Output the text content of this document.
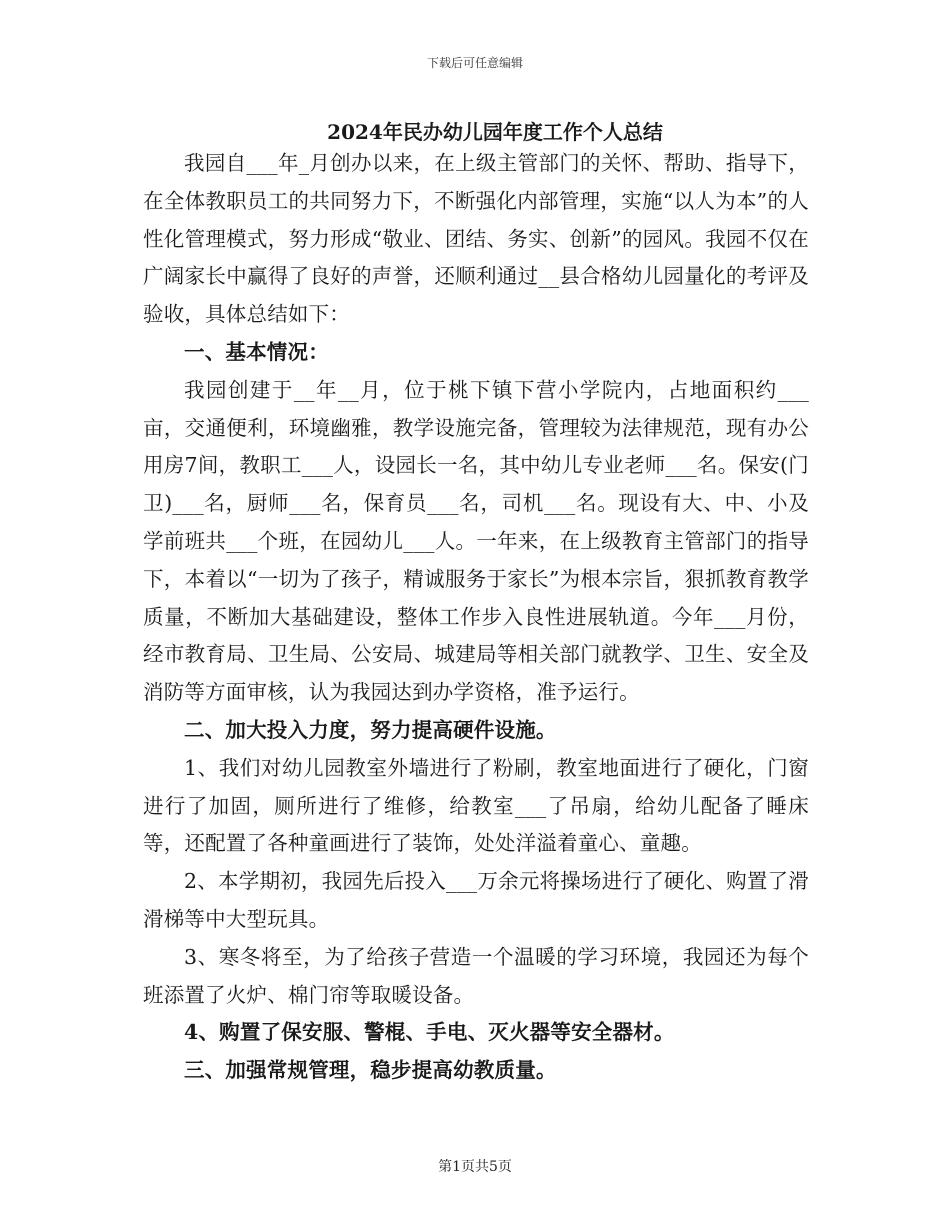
下载后可任意编辑
2024年民办幼儿园年度工作个人总结

我园自___年_月创办以来，在上级主管部门的关怀、帮助、指导下，在全体教职员工的共同努力下，不断强化内部管理，实施“以人为本”的人性化管理模式，努力形成“敬业、团结、务实、创新”的园风。我园不仅在广阔家长中赢得了良好的声誉，还顺利通过__县合格幼儿园量化的考评及验收，具体总结如下：

一、基本情况：

我园创建于__年__月，位于桃下镇下营小学院内，占地面积约___亩，交通便利，环境幽雅，教学设施完备，管理较为法律规范，现有办公用房7间，教职工___人，设园长一名，其中幼儿专业老师___名。保安(门卫)___名，厨师___名，保育员___名，司机___名。现设有大、中、小及学前班共___个班，在园幼儿___人。一年来，在上级教育主管部门的指导下，本着以“一切为了孩子，精诚服务于家长”为根本宗旨，狠抓教育教学质量，不断加大基础建设，整体工作步入良性进展轨道。今年___月份，经市教育局、卫生局、公安局、城建局等相关部门就教学、卫生、安全及消防等方面审核，认为我园达到办学资格，准予运行。

二、加大投入力度，努力提高硬件设施。

1、我们对幼儿园教室外墙进行了粉刷，教室地面进行了硬化，门窗进行了加固，厕所进行了维修，给教室___了吊扇，给幼儿配备了睡床等，还配置了各种童画进行了装饰，处处洋溢着童心、童趣。

2、本学期初，我园先后投入___万余元将操场进行了硬化、购置了滑滑梯等中大型玩具。

3、寒冬将至，为了给孩子营造一个温暖的学习环境，我园还为每个班添置了火炉、棉门帘等取暖设备。

4、购置了保安服、警棍、手电、灭火器等安全器材。

三、加强常规管理，稳步提高幼教质量。

第1页共5页
